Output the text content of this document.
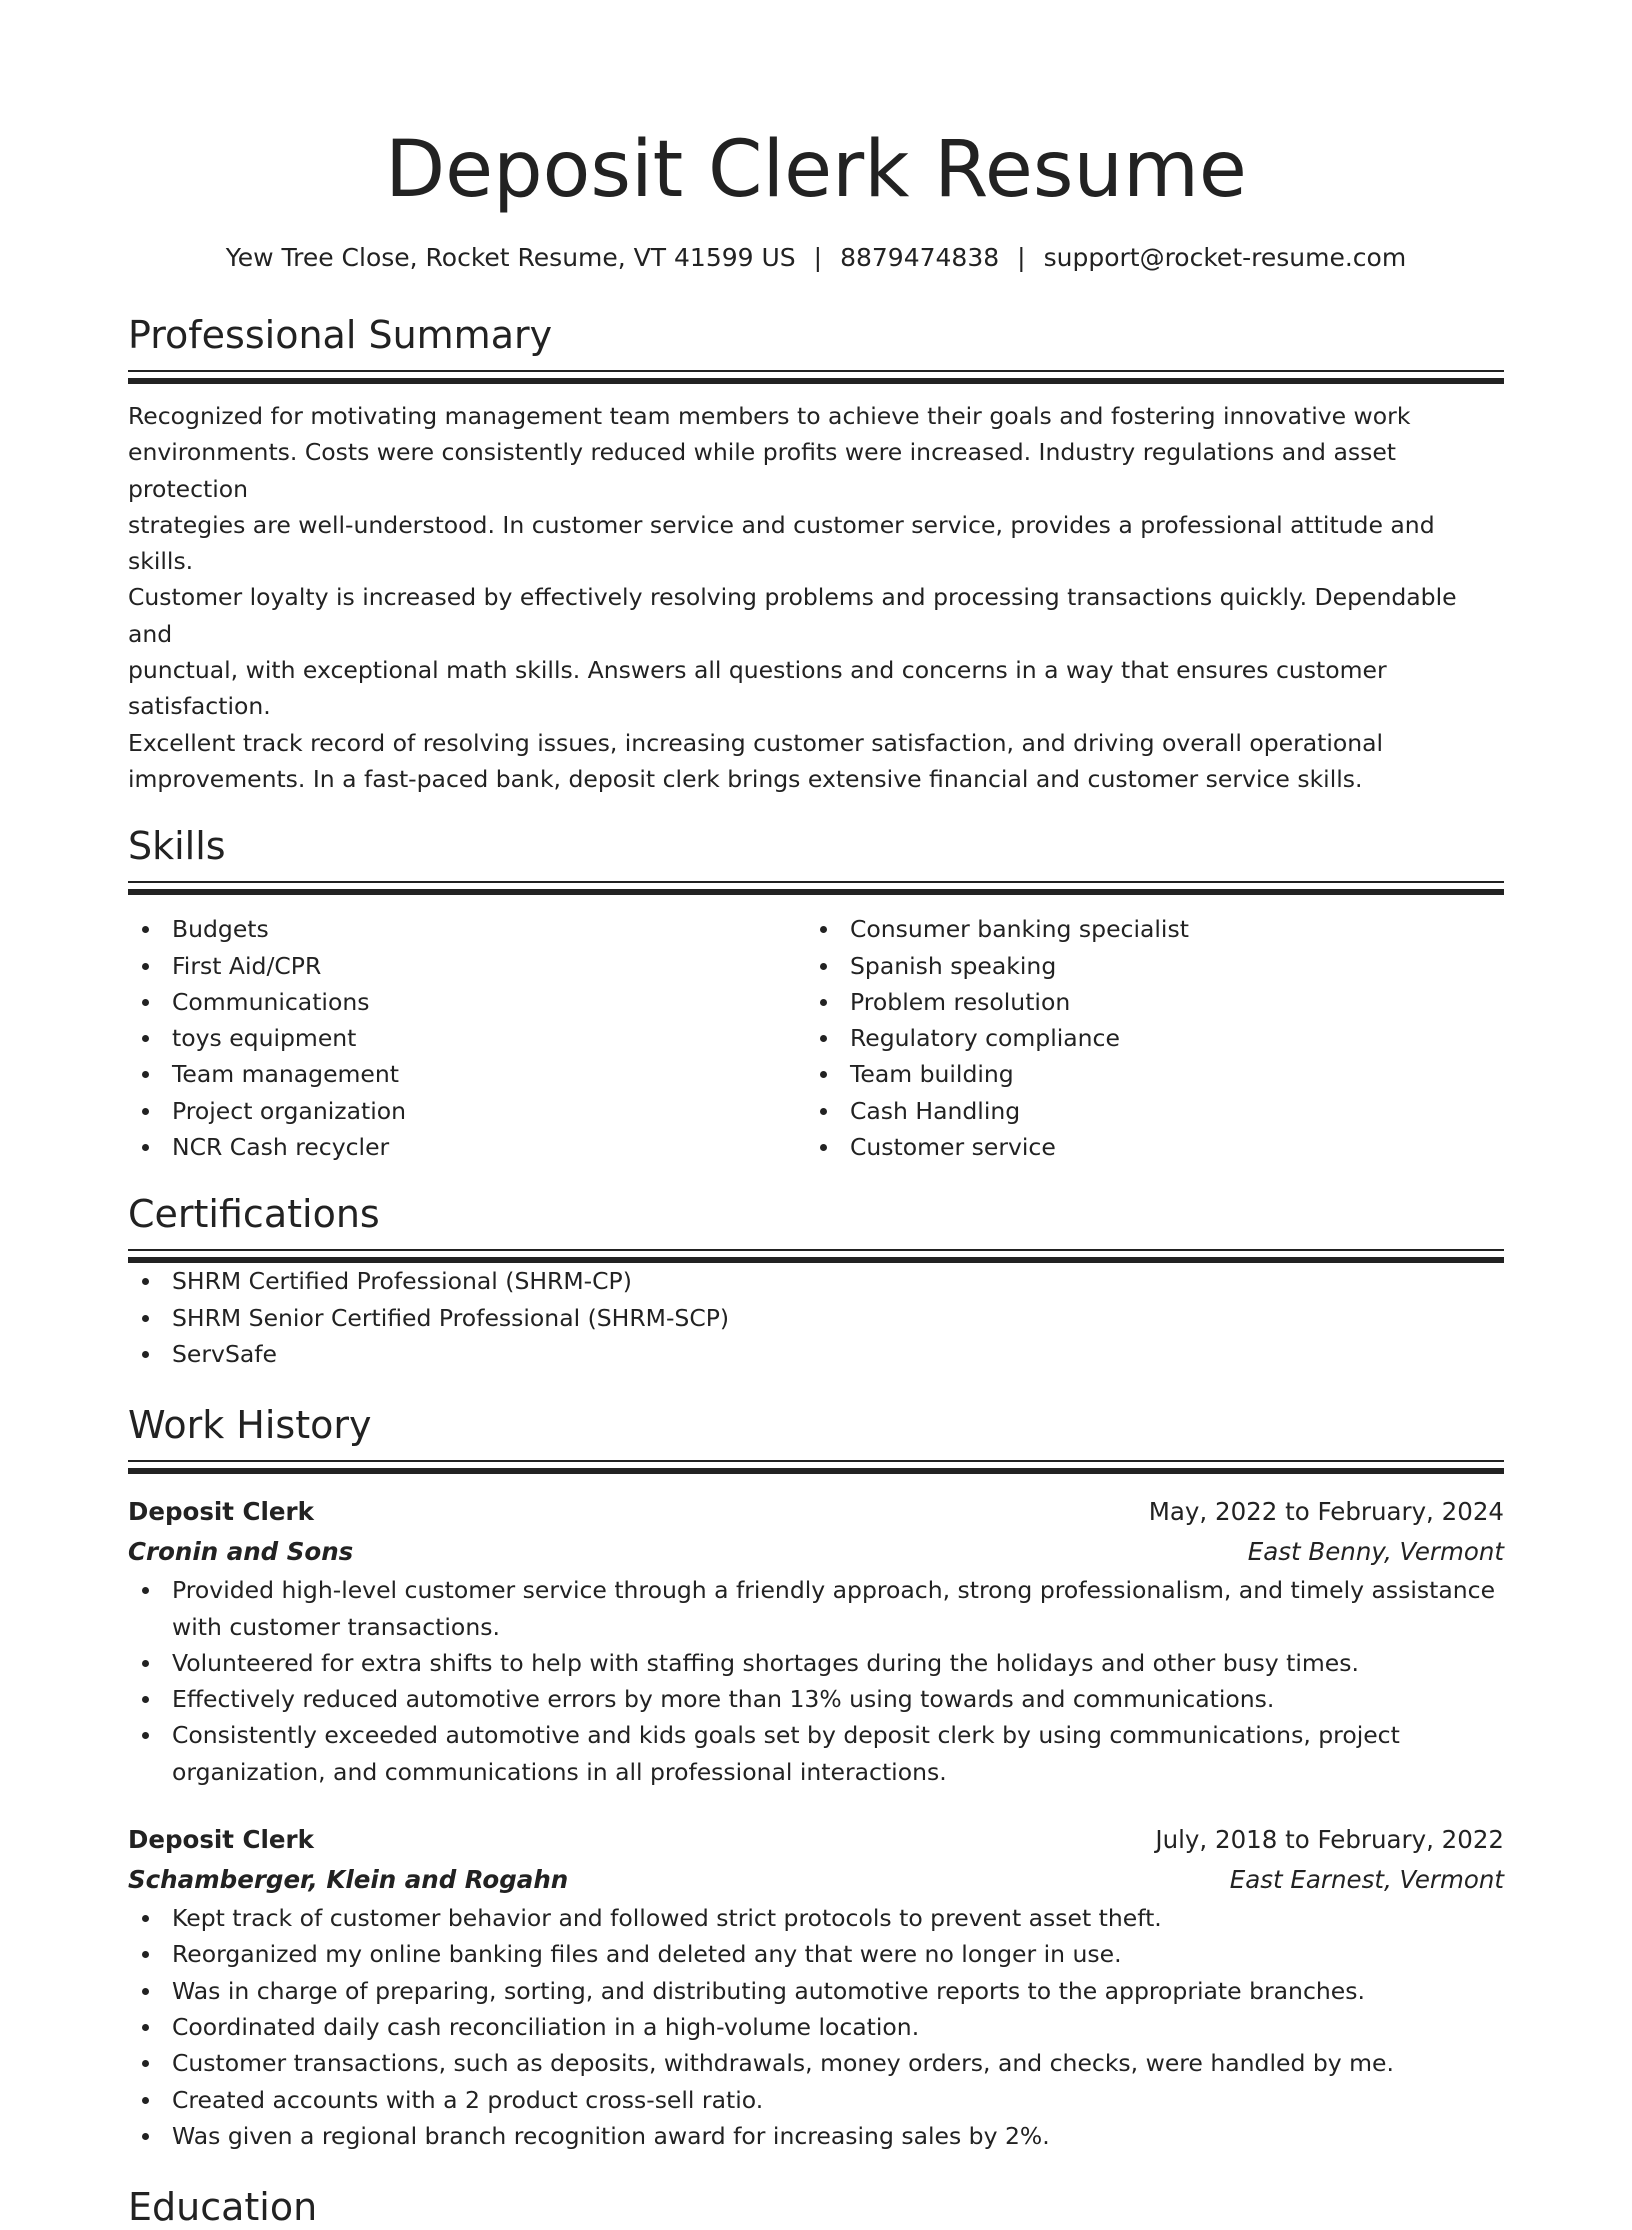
Deposit Clerk Resume
Yew Tree Close, Rocket Resume, VT 41599 US | 8879474838 | support@rocket-resume.com
Professional Summary
Recognized for motivating management team members to achieve their goals and fostering innovative work
environments. Costs were consistently reduced while profits were increased. Industry regulations and asset protection
strategies are well-understood. In customer service and customer service, provides a professional attitude and skills.
Customer loyalty is increased by effectively resolving problems and processing transactions quickly. Dependable and
punctual, with exceptional math skills. Answers all questions and concerns in a way that ensures customer satisfaction.
Excellent track record of resolving issues, increasing customer satisfaction, and driving overall operational
improvements. In a fast-paced bank, deposit clerk brings extensive financial and customer service skills.
Skills
Budgets
First Aid/CPR
Communications
toys equipment
Team management
Project organization
NCR Cash recycler
Consumer banking specialist
Spanish speaking
Problem resolution
Regulatory compliance
Team building
Cash Handling
Customer service
Certifications
SHRM Certified Professional (SHRM-CP)
SHRM Senior Certified Professional (SHRM-SCP)
ServSafe
Work History
Deposit Clerk	May, 2022 to February, 2024
Cronin and Sons	East Benny, Vermont
Provided high-level customer service through a friendly approach, strong professionalism, and timely assistance
with customer transactions.
Volunteered for extra shifts to help with staffing shortages during the holidays and other busy times.
Effectively reduced automotive errors by more than 13% using towards and communications.
Consistently exceeded automotive and kids goals set by deposit clerk by using communications, project
organization, and communications in all professional interactions.
Deposit Clerk	July, 2018 to February, 2022
Schamberger, Klein and Rogahn	East Earnest, Vermont
Kept track of customer behavior and followed strict protocols to prevent asset theft.
Reorganized my online banking files and deleted any that were no longer in use.
Was in charge of preparing, sorting, and distributing automotive reports to the appropriate branches.
Coordinated daily cash reconciliation in a high-volume location.
Customer transactions, such as deposits, withdrawals, money orders, and checks, were handled by me.
Created accounts with a 2 product cross-sell ratio.
Was given a regional branch recognition award for increasing sales by 2%.
Education
